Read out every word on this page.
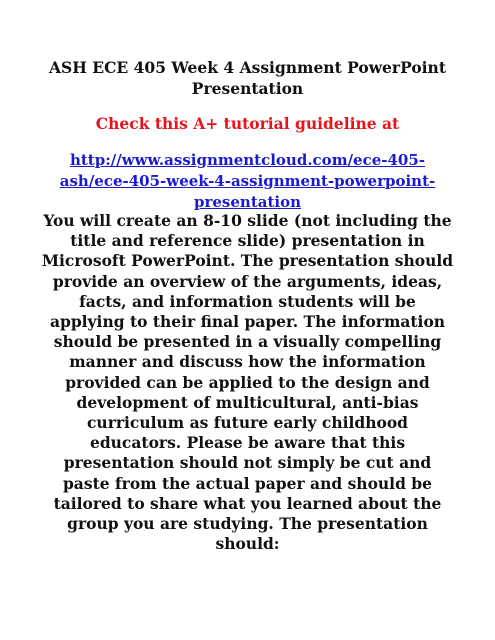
ASH ECE 405 Week 4 Assignment PowerPoint Presentation

Check this A+ tutorial guideline at

http://www.assignmentcloud.com/ece-405-ash/ece-405-week-4-assignment-powerpoint-presentation

You will create an 8-10 slide (not including the title and reference slide) presentation in Microsoft PowerPoint. The presentation should provide an overview of the arguments, ideas, facts, and information students will be applying to their final paper. The information should be presented in a visually compelling manner and discuss how the information provided can be applied to the design and development of multicultural, anti-bias curriculum as future early childhood educators. Please be aware that this presentation should not simply be cut and paste from the actual paper and should be tailored to share what you learned about the group you are studying. The presentation should:
